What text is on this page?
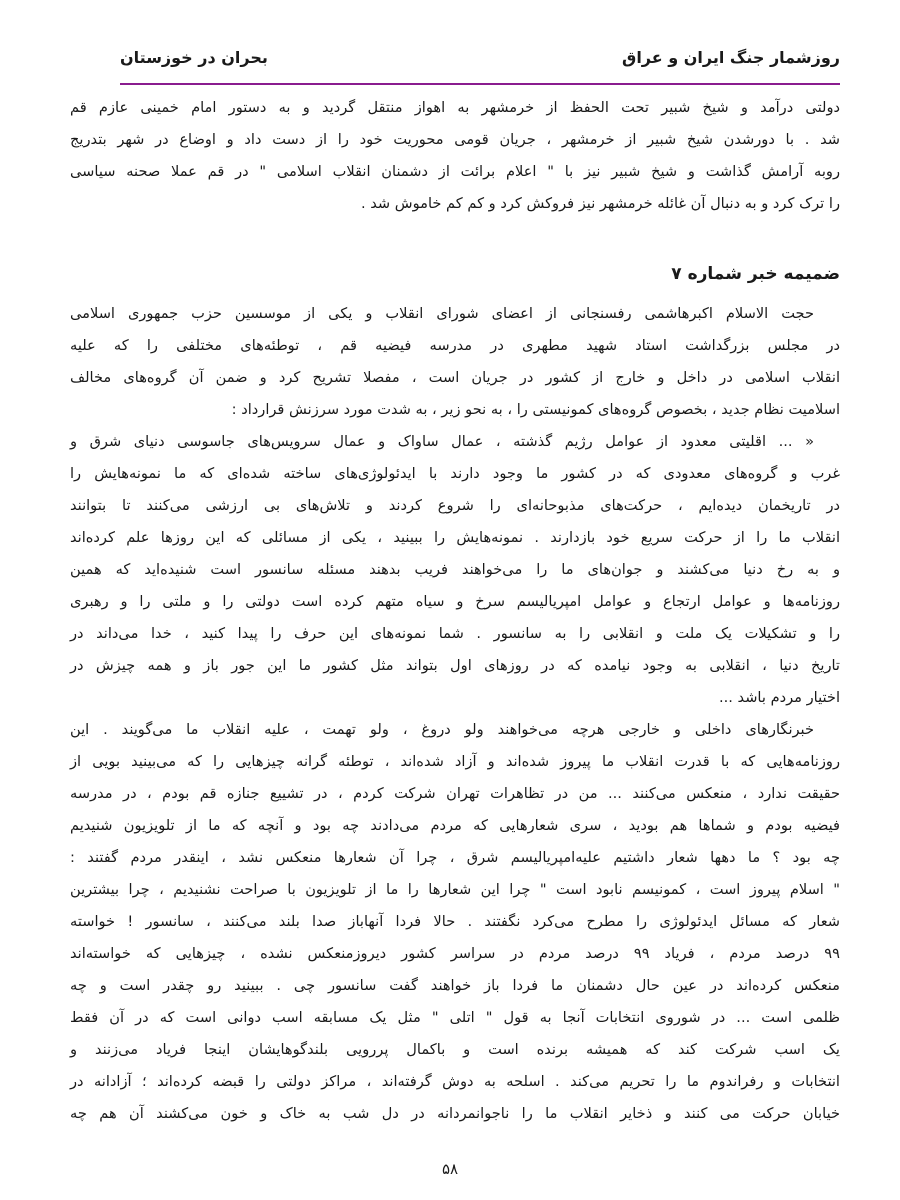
روزشمار جنگ ایران و عراق
بحران در خوزستان

دولتی درآمد و شیخ شبیر تحت الحفظ از خرمشهر به اهواز منتقل گردید و به دستور امام خمینی عازم قم
شد . با دورشدن شیخ شبیر از خرمشهر ، جریان قومی محوریت خود را از دست داد و اوضاع در شهر بتدریج
روبه آرامش گذاشت و شیخ شبیر نیز با " اعلام برائت از دشمنان انقلاب اسلامی " در قم عملا صحنه سیاسی
را ترک کرد و به دنبال آن غائله خرمشهر نیز فروکش کرد و کم کم خاموش شد .

ضمیمه خبر شماره ۷

حجت الاسلام اکبرهاشمی رفسنجانی از اعضای شورای انقلاب و یکی از موسسین حزب جمهوری اسلامی
در مجلس بزرگداشت استاد شهید مطهری در مدرسه فیضیه قم ، توطئه‌های مختلفی را که علیه
انقلاب اسلامی در داخل و خارج از کشور در جریان است ، مفصلا تشریح کرد و ضمن آن گروه‌های مخالف
اسلامیت نظام جدید ، بخصوص گروه‌های کمونیستی را ، به نحو زیر ، به شدت مورد سرزنش قرارداد :

« ... اقلیتی معدود از عوامل رژیم گذشته ، عمال ساواک و عمال سرویس‌های جاسوسی دنیای شرق و
غرب و گروه‌های معدودی که در کشور ما وجود دارند با ایدئولوژی‌های ساخته شده‌ای که ما نمونه‌هایش را
در تاریخمان دیده‌ایم ، حرکت‌های مذبوحانه‌ای را شروع کردند و تلاش‌های بی ارزشی می‌کنند تا بتوانند
انقلاب ما را از حرکت سریع خود بازدارند . نمونه‌هایش را ببینید ، یکی از مسائلی که این روزها علم کرده‌اند
و به رخ دنیا می‌کشند و جوان‌های ما را می‌خواهند فریب بدهند مسئله سانسور است شنیده‌اید که همین
روزنامه‌ها و عوامل ارتجاع و عوامل امپریالیسم سرخ و سیاه متهم کرده است دولتی را و ملتی را و رهبری
را و تشکیلات یک ملت و انقلابی را به سانسور . شما نمونه‌های این حرف را پیدا کنید ، خدا می‌داند در
تاریخ دنیا ، انقلابی به وجود نیامده که در روزهای اول بتواند مثل کشور ما این جور باز و همه چیزش در
اختیار مردم باشد ...

خبرنگارهای داخلی و خارجی هرچه می‌خواهند ولو دروغ ، ولو تهمت ، علیه انقلاب ما می‌گویند . این
روزنامه‌هایی که با قدرت انقلاب ما پیروز شده‌اند و آزاد شده‌اند ، توطئه گرانه چیزهایی را که می‌بینید بویی از
حقیقت ندارد ، منعکس می‌کنند ... من در تظاهرات تهران شرکت کردم ، در تشییع جنازه قم بودم ، در مدرسه
فیضیه بودم و شماها هم بودید ، سری شعارهایی که مردم می‌دادند چه بود و آنچه که ما از تلویزیون شنیدیم
چه بود ؟ ما دهها شعار داشتیم علیه‌امپریالیسم شرق ، چرا آن شعارها منعکس نشد ، اینقدر مردم گفتند :
" اسلام پیروز است ، کمونیسم نابود است " چرا این شعارها را ما از تلویزیون با صراحت نشنیدیم ، چرا بیشترین
شعار که مسائل ایدئولوژی را مطرح می‌کرد نگفتند . حالا فردا آنهاباز صدا بلند می‌کنند ، سانسور ! خواسته
۹۹ درصد مردم ، فریاد ۹۹ درصد مردم در سراسر کشور دیروزمنعکس نشده ، چیزهایی که خواسته‌اند
منعکس کرده‌اند در عین حال دشمنان ما فردا باز خواهند گفت سانسور چی . ببینید رو چقدر است و چه
ظلمی است ... در شوروی انتخابات آنجا به قول " اتلی " مثل یک مسابقه اسب دوانی است که در آن فقط
یک اسب شرکت کند که همیشه برنده است و باکمال پررویی بلندگوهایشان اینجا فریاد می‌زنند و
انتخابات و رفراندوم ما را تحریم می‌کند . اسلحه به دوش گرفته‌اند ، مراکز دولتی را قبضه کرده‌اند ؛ آزادانه در
خیابان حرکت می کنند و ذخایر انقلاب ما را ناجوانمردانه در دل شب به خاک و خون می‌کشند آن هم چه

۵۸
